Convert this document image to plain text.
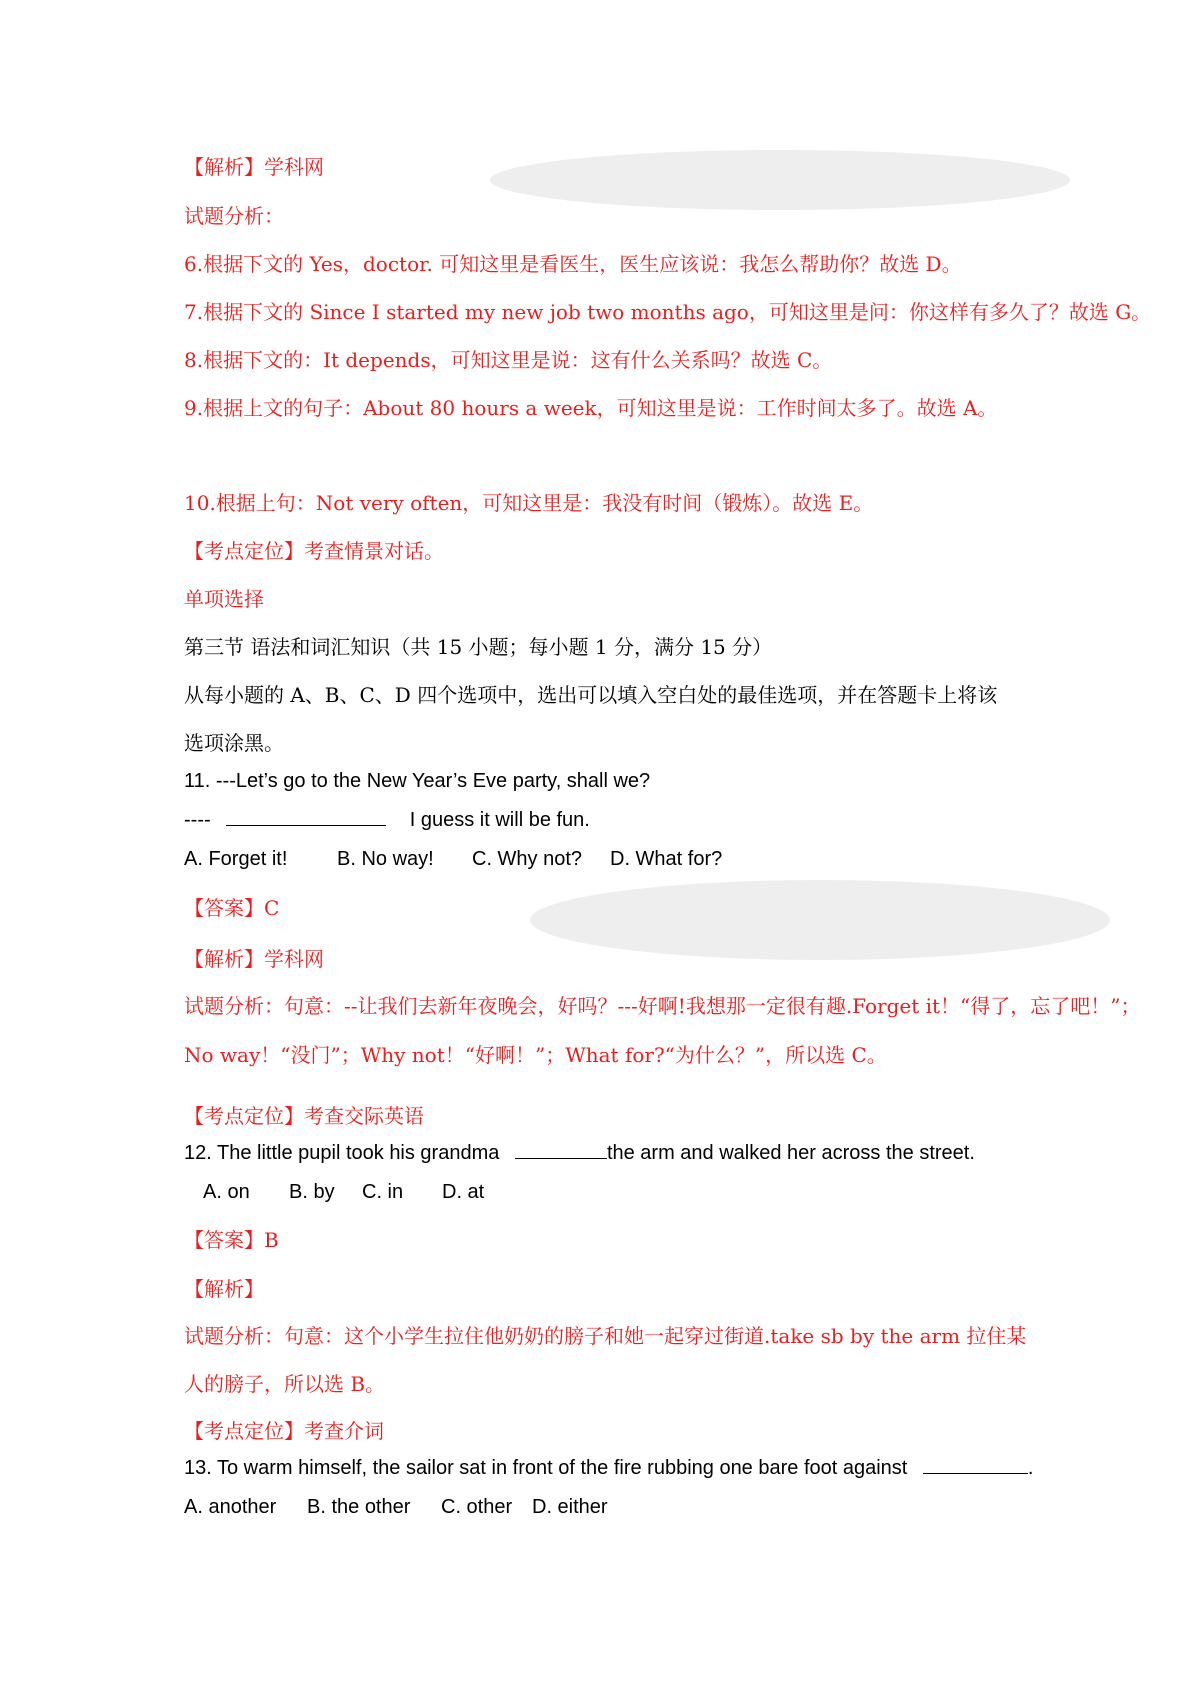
【解析】学科网
试题分析：
6.根据下文的 Yes，doctor. 可知这里是看医生，医生应该说：我怎么帮助你？故选 D。
7.根据下文的 Since I started my new job two months ago，可知这里是问：你这样有多久了？故选 G。
8.根据下文的：It depends，可知这里是说：这有什么关系吗？故选 C。
9.根据上文的句子：About 80 hours a week，可知这里是说：工作时间太多了。故选 A。
10.根据上句：Not very often，可知这里是：我没有时间（锻炼）。故选 E。
【考点定位】考查情景对话。
单项选择
第三节 语法和词汇知识（共 15 小题；每小题 1 分，满分 15 分）
从每小题的 A、B、C、D 四个选项中，选出可以填入空白处的最佳选项，并在答题卡上将该
选项涂黑。
11. ---Let’s go to the New Year’s Eve party, shall we?
----	I guess it will be fun.
A. Forget it! B. No way! C. Why not? D. What for?
【答案】C
【解析】学科网
试题分析：句意：--让我们去新年夜晚会，好吗？---好啊!我想那一定很有趣.Forget it！“得了，忘了吧！”；
No way！“没门”；Why not！“好啊！”；What for?“为什么？”，所以选 C。
【考点定位】考查交际英语
12. The little pupil took his grandma	the arm and walked her across the street.
A. on B. by C. in D. at
【答案】B
【解析】
试题分析：句意：这个小学生拉住他奶奶的膀子和她一起穿过街道.take sb by the arm 拉住某
人的膀子，所以选 B。
【考点定位】考查介词
13. To warm himself, the sailor sat in front of the fire rubbing one bare foot against	.
A. another B. the other C. other D. either
